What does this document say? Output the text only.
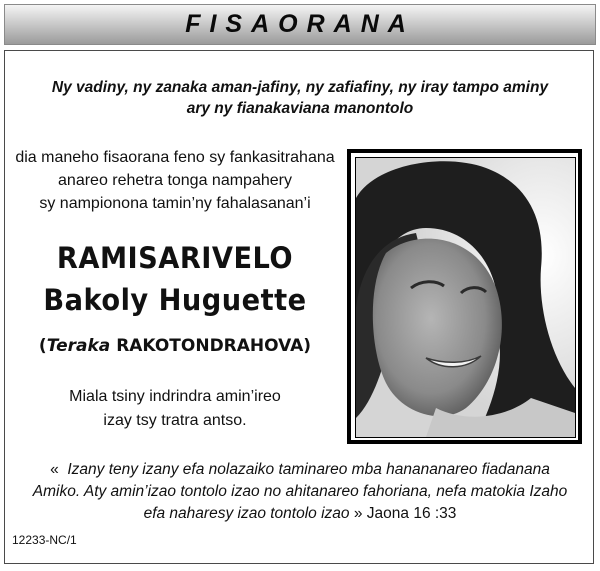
FISAORANA
Ny vadiny, ny zanaka aman-jafiny, ny zafiafiny, ny iray tampo aminy
ary ny fianakaviana manontolo
dia maneho fisaorana feno sy fankasitrahana
anareo rehetra tonga nampahery
sy nampionona tamin’ny fahalasanan’i
RAMISARIVELO
Bakoly Huguette
(Teraka RAKOTONDRAHOVA)
Miala tsiny indrindra amin’ireo
izay tsy tratra antso.
« Izany teny izany efa nolazaiko taminareo mba hanananareo fiadanana
Amiko. Aty amin’izao tontolo izao no ahitanareo fahoriana, nefa matokia Izaho
efa naharesy izao tontolo izao » Jaona 16 :33
12233-NC/1
